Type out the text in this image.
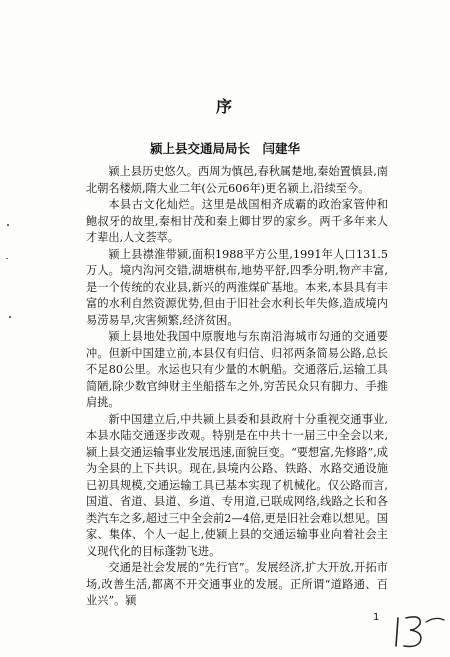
序
颍上县交通局局长　闫建华

颍上县历史悠久。西周为慎邑,春秋属楚地,秦始置慎县,南北朝名楼烦,隋大业二年(公元606年)更名颍上,沿续至今。

本县古文化灿烂。这里是战国相齐成霸的政治家管仲和鲍叔牙的故里,秦相甘茂和秦上卿甘罗的家乡。两千多年来人才辈出,人文荟萃。

颍上县襟淮带颍,面积1988平方公里,1991年人口131.5万人。境内沟河交错,湖塘棋布,地势平舒,四季分明,物产丰富,是一个传统的农业县,新兴的两淮煤矿基地。本来,本县具有丰富的水利自然资源优势,但由于旧社会水利长年失修,造成境内易涝易旱,灾害频繁,经济贫困。

颍上县地处我国中原腹地与东南沿海城市勾通的交通要冲。但新中国建立前,本县仅有归信、归祁两条简易公路,总长不足80公里。水运也只有少量的木帆船。交通落后,运输工具简陋,除少数官绅财主坐船搭车之外,穷苦民众只有脚力、手推肩挑。

新中国建立后,中共颍上县委和县政府十分重视交通事业,本县水陆交通逐步改观。特别是在中共十一届三中全会以来,颍上县交通运输事业发展迅速,面貌巨变。“要想富,先修路”,成为全县的上下共识。现在,县境内公路、铁路、水路交通设施已初具规模,交通运输工具已基本实现了机械化。仅公路而言,国道、省道、县道、乡道、专用道,已联成网络,线路之长和各类汽车之多,超过三中全会前2—4倍,更是旧社会难以想见。国家、集体、个人一起上,使颍上县的交通运输事业向着社会主义现代化的目标蓬勃飞进。

交通是社会发展的“先行官”。发展经济,扩大开放,开拓市场,改善生活,都离不开交通事业的发展。正所谓“道路通、百业兴”。颍

1
